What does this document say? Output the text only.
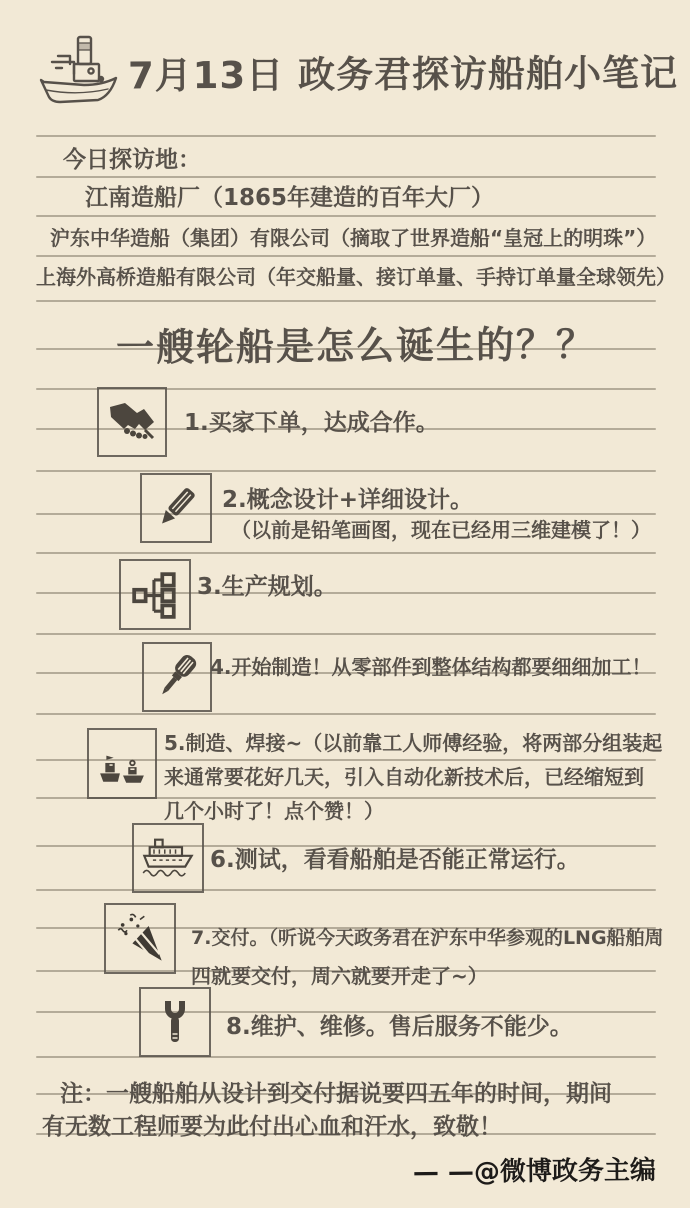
7月13日 政务君探访船舶小笔记
今日探访地：
江南造船厂（1865年建造的百年大厂）
沪东中华造船（集团）有限公司（摘取了世界造船“皇冠上的明珠”）
上海外高桥造船有限公司（年交船量、接订单量、手持订单量全球领先）
一艘轮船是怎么诞生的？？
1.买家下单，达成合作。
2.概念设计+详细设计。
（以前是铅笔画图，现在已经用三维建模了！）
3.生产规划。
4.开始制造！从零部件到整体结构都要细细加工！
5.制造、焊接~（以前靠工人师傅经验，将两部分组装起
来通常要花好几天，引入自动化新技术后，已经缩短到
几个小时了！点个赞！）
6.测试，看看船舶是否能正常运行。
7.交付。（听说今天政务君在沪东中华参观的LNG船舶周
四就要交付，周六就要开走了~）
8.维护、维修。售后服务不能少。
注：一艘船舶从设计到交付据说要四五年的时间，期间
有无数工程师要为此付出心血和汗水，致敬！
— —@微博政务主编
